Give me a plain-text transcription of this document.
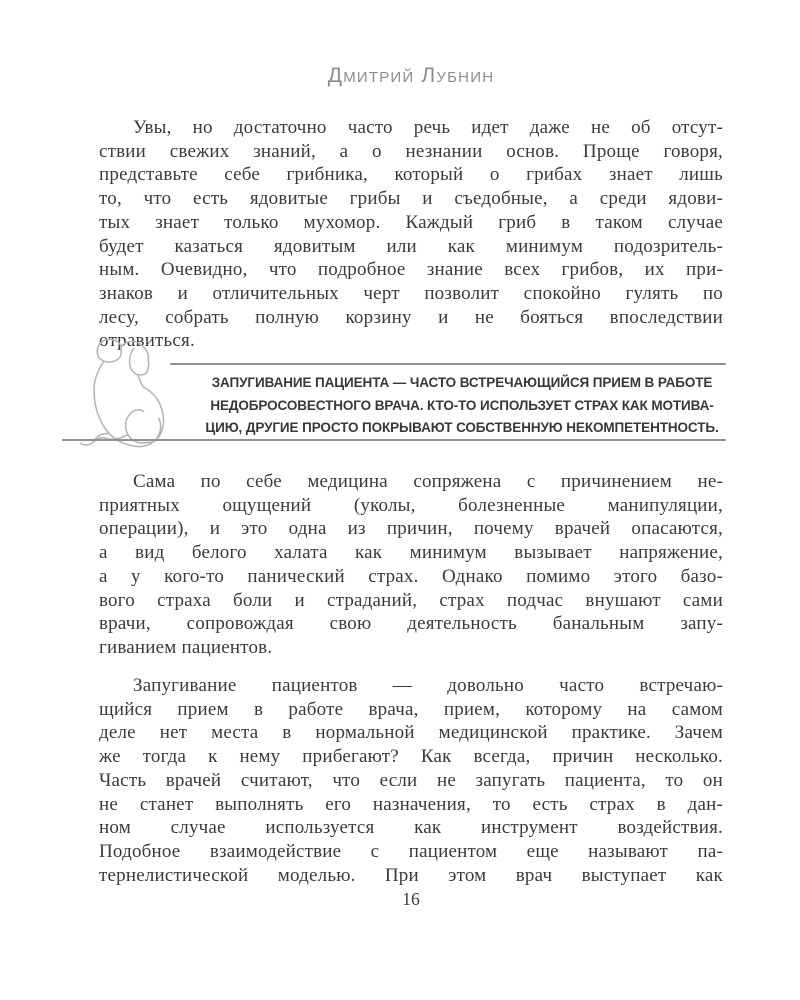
Дмитрий Лубнин
Увы, но достаточно часто речь идет даже не об отсут-
ствии свежих знаний, а о незнании основ. Проще говоря,
представьте себе грибника, который о грибах знает лишь
то, что есть ядовитые грибы и съедобные, а среди ядови-
тых знает только мухомор. Каждый гриб в таком случае
будет казаться ядовитым или как минимум подозритель-
ным. Очевидно, что подробное знание всех грибов, их при-
знаков и отличительных черт позволит спокойно гулять по
лесу, собрать полную корзину и не бояться впоследствии
отравиться.
ЗАПУГИВАНИЕ ПАЦИЕНТА — ЧАСТО ВСТРЕЧАЮЩИЙСЯ ПРИЕМ В РАБОТЕ
НЕДОБРОСОВЕСТНОГО ВРАЧА. КТО-ТО ИСПОЛЬЗУЕТ СТРАХ КАК МОТИВА-
ЦИЮ, ДРУГИЕ ПРОСТО ПОКРЫВАЮТ СОБСТВЕННУЮ НЕКОМПЕТЕНТНОСТЬ.
Сама по себе медицина сопряжена с причинением не-
приятных ощущений (уколы, болезненные манипуляции,
операции), и это одна из причин, почему врачей опасаются,
а вид белого халата как минимум вызывает напряжение,
а у кого-то панический страх. Однако помимо этого базо-
вого страха боли и страданий, страх подчас внушают сами
врачи, сопровождая свою деятельность банальным запу-
гиванием пациентов.
Запугивание пациентов — довольно часто встречаю-
щийся прием в работе врача, прием, которому на самом
деле нет места в нормальной медицинской практике. Зачем
же тогда к нему прибегают? Как всегда, причин несколько.
Часть врачей считают, что если не запугать пациента, то он
не станет выполнять его назначения, то есть страх в дан-
ном случае используется как инструмент воздействия.
Подобное взаимодействие с пациентом еще называют па-
тернелистической моделью. При этом врач выступает как
16
